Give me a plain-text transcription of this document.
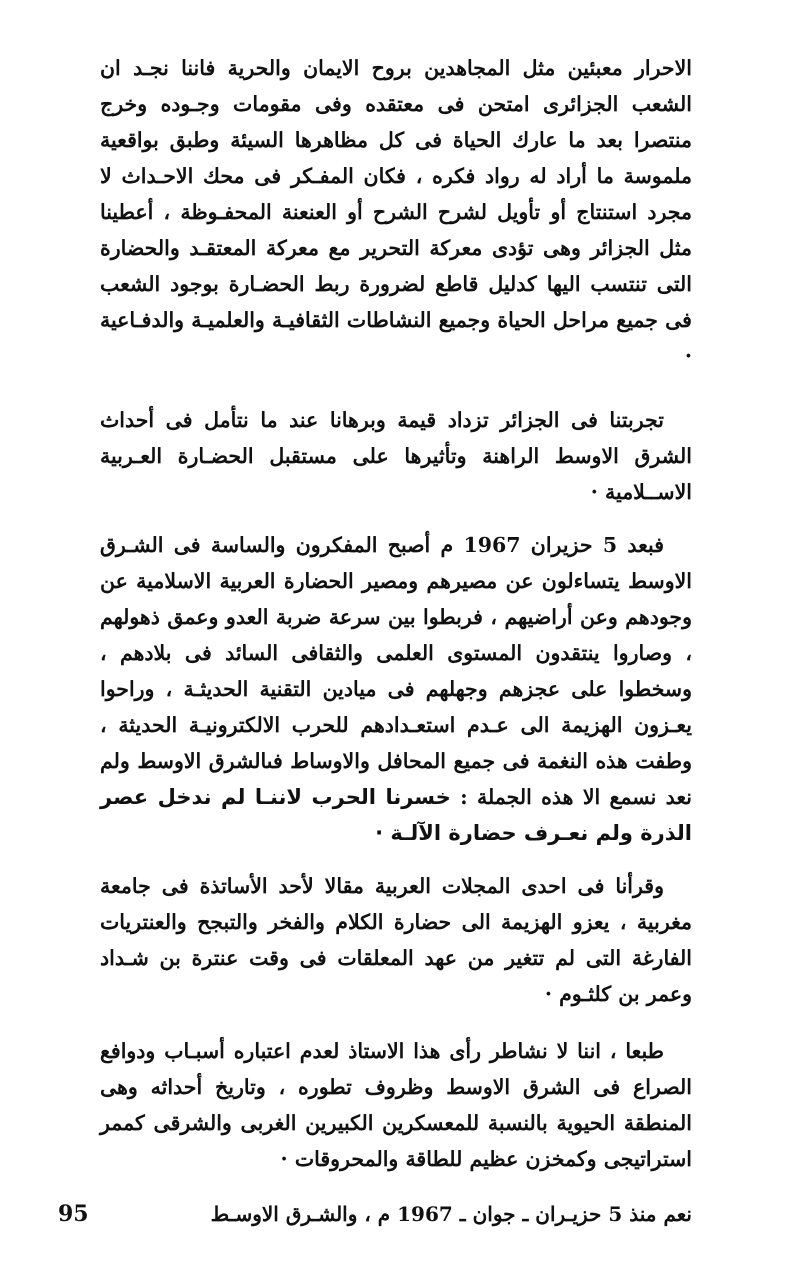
الاحرار معبئين مثل المجاهدين بروح الايمان والحرية فاننا نجـد ان الشعب الجزائرى امتحن فى معتقده وفى مقومات وجـوده وخرج منتصرا بعد ما عارك الحياة فى كل مظاهرها السيئة وطبق بواقعية ملموسة ما أراد له رواد فكره ، فكان المفـكر فى محك الاحـداث لا مجرد استنتاج أو تأويل لشرح الشرح أو العنعنة المحفـوظة ، أعطينا مثل الجزائر وهى تؤدى معركة التحرير مع معركة المعتقـد والحضارة التى تنتسب اليها كدليل قاطع لضرورة ربط الحضـارة بوجود الشعب فى جميع مراحل الحياة وجميع النشاطات الثقافيـة والعلميـة والدفـاعية ·

تجربتنا فى الجزائر تزداد قيمة وبرهانا عند ما نتأمل فى أحداث الشرق الاوسط الراهنة وتأثيرها على مستقبل الحضـارة العـربية الاســلامية ·

فبعد 5 حزيران 1967 م أصبح المفكرون والساسة فى الشـرق الاوسط يتساءلون عن مصيرهم ومصير الحضارة العربية الاسلامية عن وجودهم وعن أراضيهم ، فربطوا بين سرعة ضربة العدو وعمق ذهولهم ، وصاروا ينتقدون المستوى العلمى والثقافى السائد فى بلادهم ، وسخطوا على عجزهم وجهلهم فى ميادين التقنية الحديثـة ، وراحوا يعـزون الهزيمة الى عـدم استعـدادهم للحرب الالكترونيـة الحديثة ، وطفت هذه النغمة فى جميع المحافل والاوساط فىالشرق الاوسط ولم نعد نسمع الا هذه الجملة : خسرنا الحرب لاننـا لم ندخل عصر الذرة ولم نعـرف حضارة الآلـة ·

وقرأنا فى احدى المجلات العربية مقالا لأحد الأساتذة فى جامعة مغربية ، يعزو الهزيمة الى حضارة الكلام والفخر والتبجح والعنتريات الفارغة التى لم تتغير من عهد المعلقات فى وقت عنترة بن شـداد وعمر بن كلثـوم ·

طبعا ، اننا لا نشاطر رأى هذا الاستاذ لعدم اعتباره أسبـاب ودوافع الصراع فى الشرق الاوسط وظروف تطوره ، وتاريخ أحداثه وهى المنطقة الحيوية بالنسبة للمعسكرين الكبيرين الغربى والشرقى كممر استراتيجى وكمخزن عظيم للطاقة والمحروقات ·

95	نعم منذ 5 حزيـران ـ جوان ـ 1967 م ، والشـرق الاوسـط
